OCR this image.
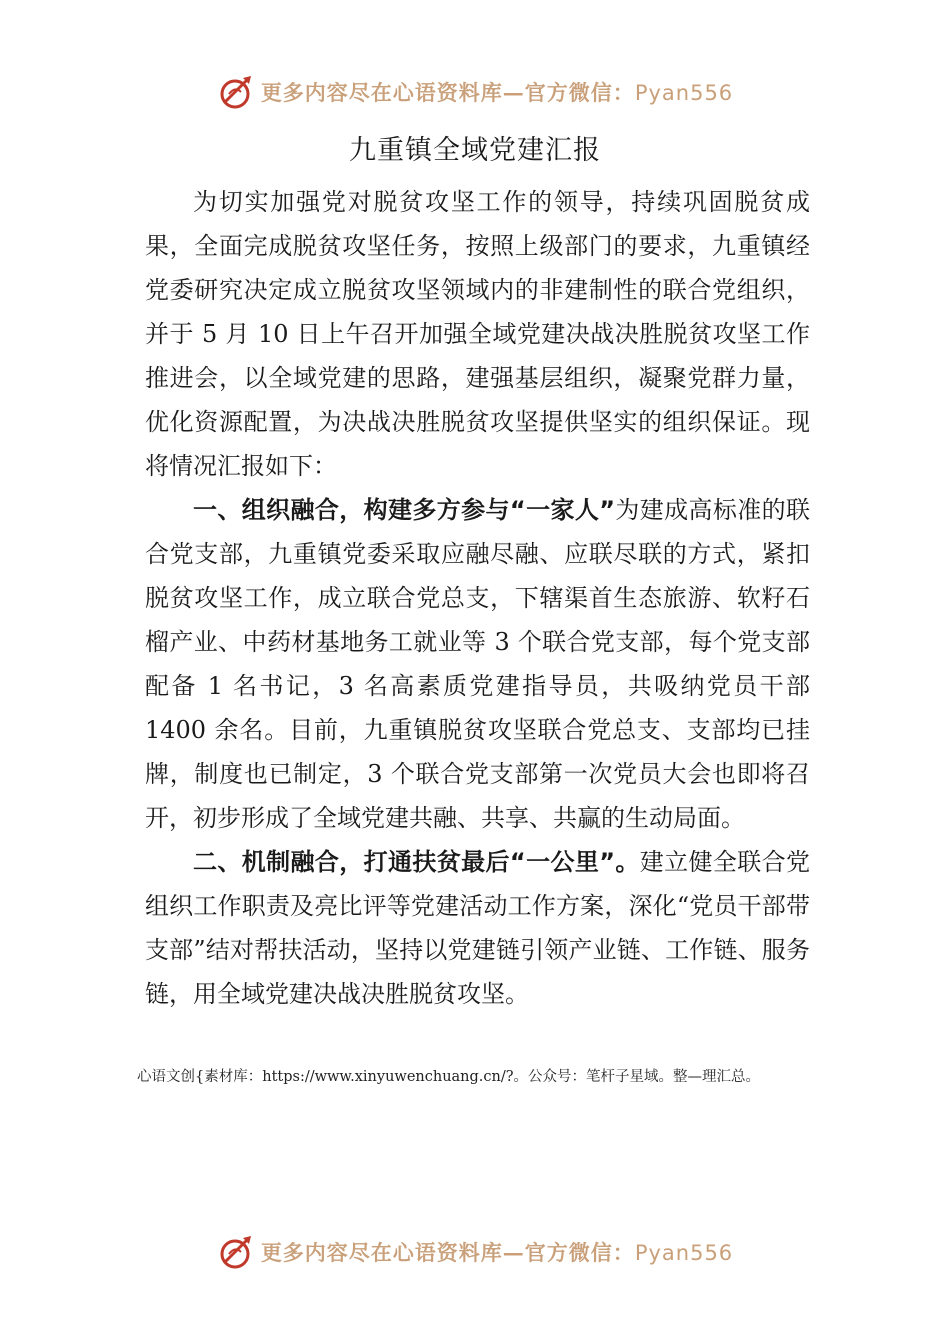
更多内容尽在心语资料库—官方微信：Pyan556
九重镇全域党建汇报

为切实加强党对脱贫攻坚工作的领导，持续巩固脱贫成果，全面完成脱贫攻坚任务，按照上级部门的要求，九重镇经党委研究决定成立脱贫攻坚领域内的非建制性的联合党组织，并于 5 月 10 日上午召开加强全域党建决战决胜脱贫攻坚工作推进会，以全域党建的思路，建强基层组织，凝聚党群力量，优化资源配置，为决战决胜脱贫攻坚提供坚实的组织保证。现将情况汇报如下：

一、组织融合，构建多方参与“一家人”为建成高标准的联合党支部，九重镇党委采取应融尽融、应联尽联的方式，紧扣脱贫攻坚工作，成立联合党总支，下辖渠首生态旅游、软籽石榴产业、中药材基地务工就业等 3 个联合党支部，每个党支部配备 1 名书记，3 名高素质党建指导员，共吸纳党员干部 1400 余名。目前，九重镇脱贫攻坚联合党总支、支部均已挂牌，制度也已制定，3 个联合党支部第一次党员大会也即将召开，初步形成了全域党建共融、共享、共赢的生动局面。

二、机制融合，打通扶贫最后“一公里”。建立健全联合党组织工作职责及亮比评等党建活动工作方案，深化“党员干部带支部”结对帮扶活动，坚持以党建链引领产业链、工作链、服务链，用全域党建决战决胜脱贫攻坚。

心语文创{素材库：https://www.xinyuwenchuang.cn/?。公众号：笔杆子星域。整—理汇总。
更多内容尽在心语资料库—官方微信：Pyan556
